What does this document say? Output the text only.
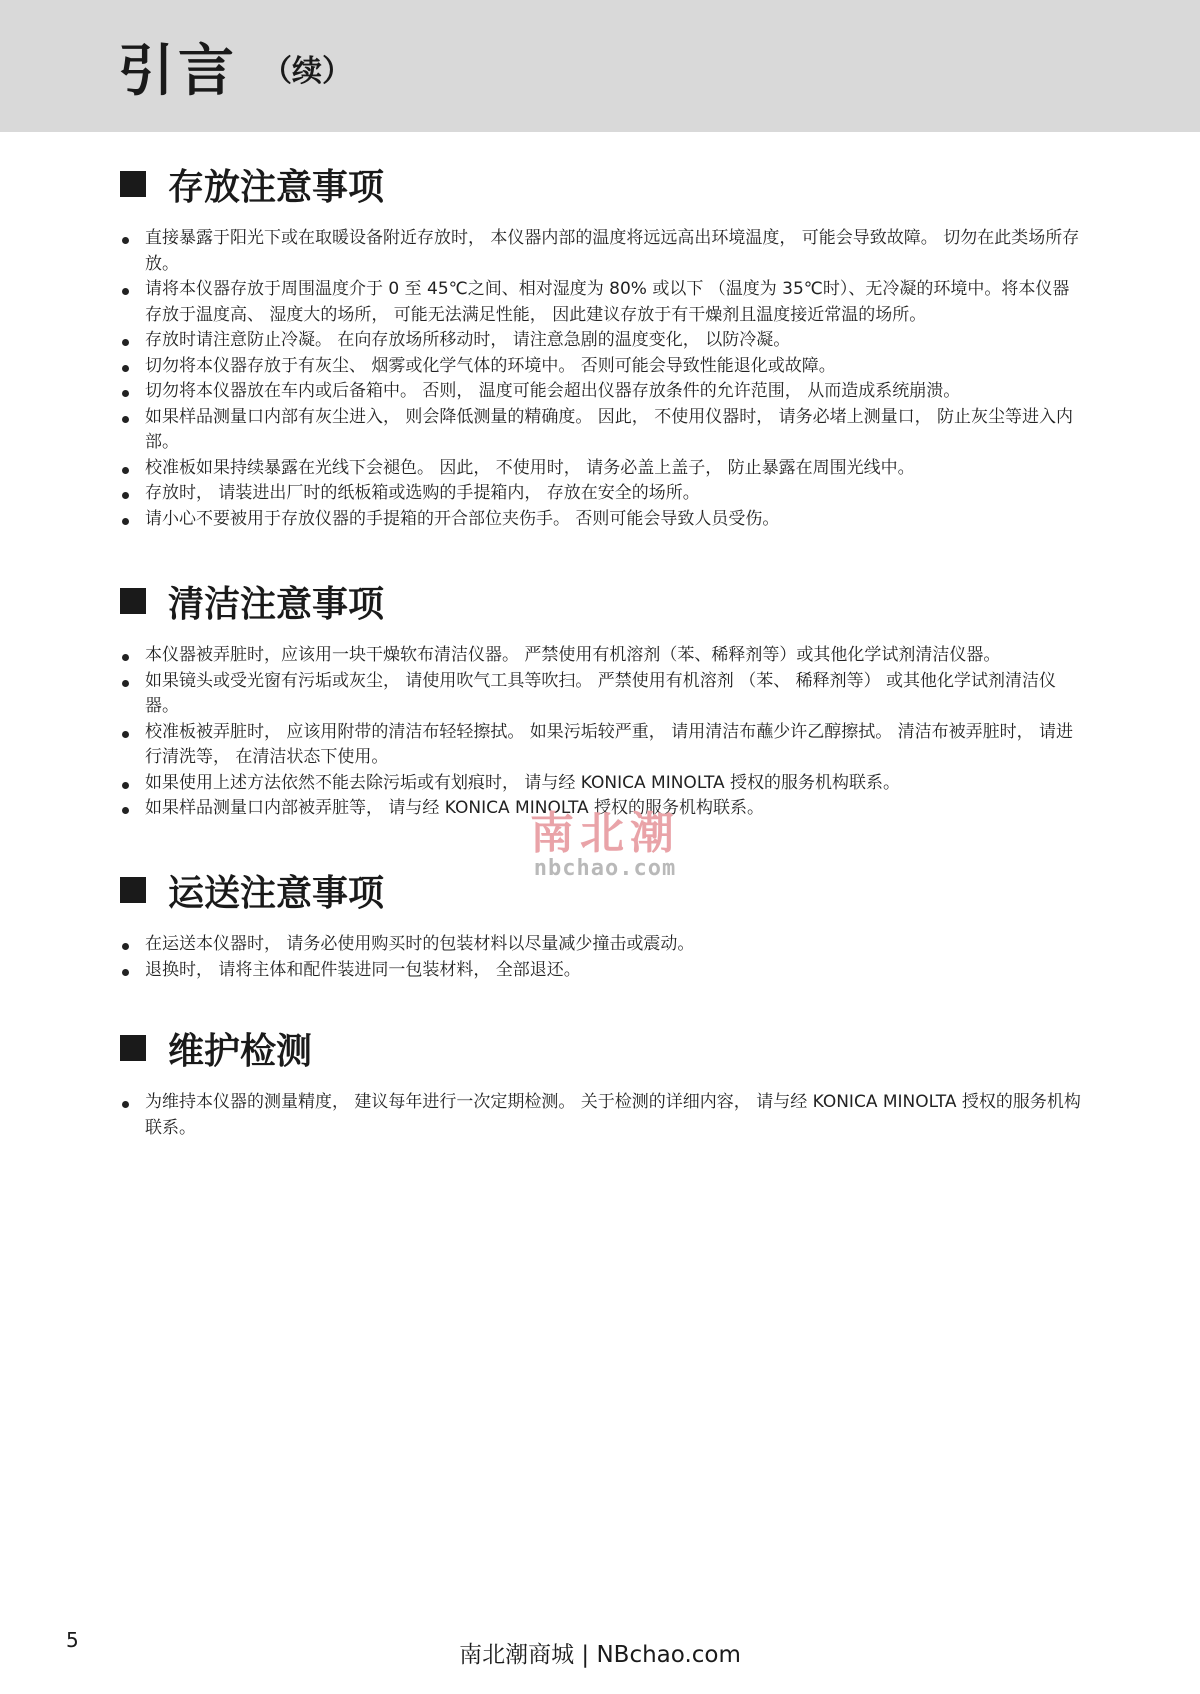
引言 （续）
存放注意事项
直接暴露于阳光下或在取暖设备附近存放时， 本仪器内部的温度将远远高出环境温度， 可能会导致故障。 切勿在此类场所存放。
请将本仪器存放于周围温度介于 0 至 45℃之间、相对湿度为 80% 或以下 （温度为 35℃时）、无冷凝的环境中。将本仪器存放于温度高、 湿度大的场所， 可能无法满足性能， 因此建议存放于有干燥剂且温度接近常温的场所。
存放时请注意防止冷凝。 在向存放场所移动时， 请注意急剧的温度变化， 以防冷凝。
切勿将本仪器存放于有灰尘、 烟雾或化学气体的环境中。 否则可能会导致性能退化或故障。
切勿将本仪器放在车内或后备箱中。 否则， 温度可能会超出仪器存放条件的允许范围， 从而造成系统崩溃。
如果样品测量口内部有灰尘进入， 则会降低测量的精确度。 因此， 不使用仪器时， 请务必堵上测量口， 防止灰尘等进入内部。
校准板如果持续暴露在光线下会褪色。 因此， 不使用时， 请务必盖上盖子， 防止暴露在周围光线中。
存放时， 请装进出厂时的纸板箱或选购的手提箱内， 存放在安全的场所。
请小心不要被用于存放仪器的手提箱的开合部位夹伤手。 否则可能会导致人员受伤。
清洁注意事项
本仪器被弄脏时，应该用一块干燥软布清洁仪器。 严禁使用有机溶剂（苯、稀释剂等）或其他化学试剂清洁仪器。
如果镜头或受光窗有污垢或灰尘， 请使用吹气工具等吹扫。 严禁使用有机溶剂 （苯、 稀释剂等） 或其他化学试剂清洁仪器。
校准板被弄脏时， 应该用附带的清洁布轻轻擦拭。 如果污垢较严重， 请用清洁布蘸少许乙醇擦拭。 清洁布被弄脏时， 请进行清洗等， 在清洁状态下使用。
如果使用上述方法依然不能去除污垢或有划痕时， 请与经 KONICA MINOLTA 授权的服务机构联系。
如果样品测量口内部被弄脏等， 请与经 KONICA MINOLTA 授权的服务机构联系。
运送注意事项
在运送本仪器时， 请务必使用购买时的包装材料以尽量减少撞击或震动。
退换时， 请将主体和配件装进同一包装材料， 全部退还。
维护检测
为维持本仪器的测量精度， 建议每年进行一次定期检测。 关于检测的详细内容， 请与经 KONICA MINOLTA 授权的服务机构联系。
南北潮
nbchao.com
5
南北潮商城 | NBchao.com
